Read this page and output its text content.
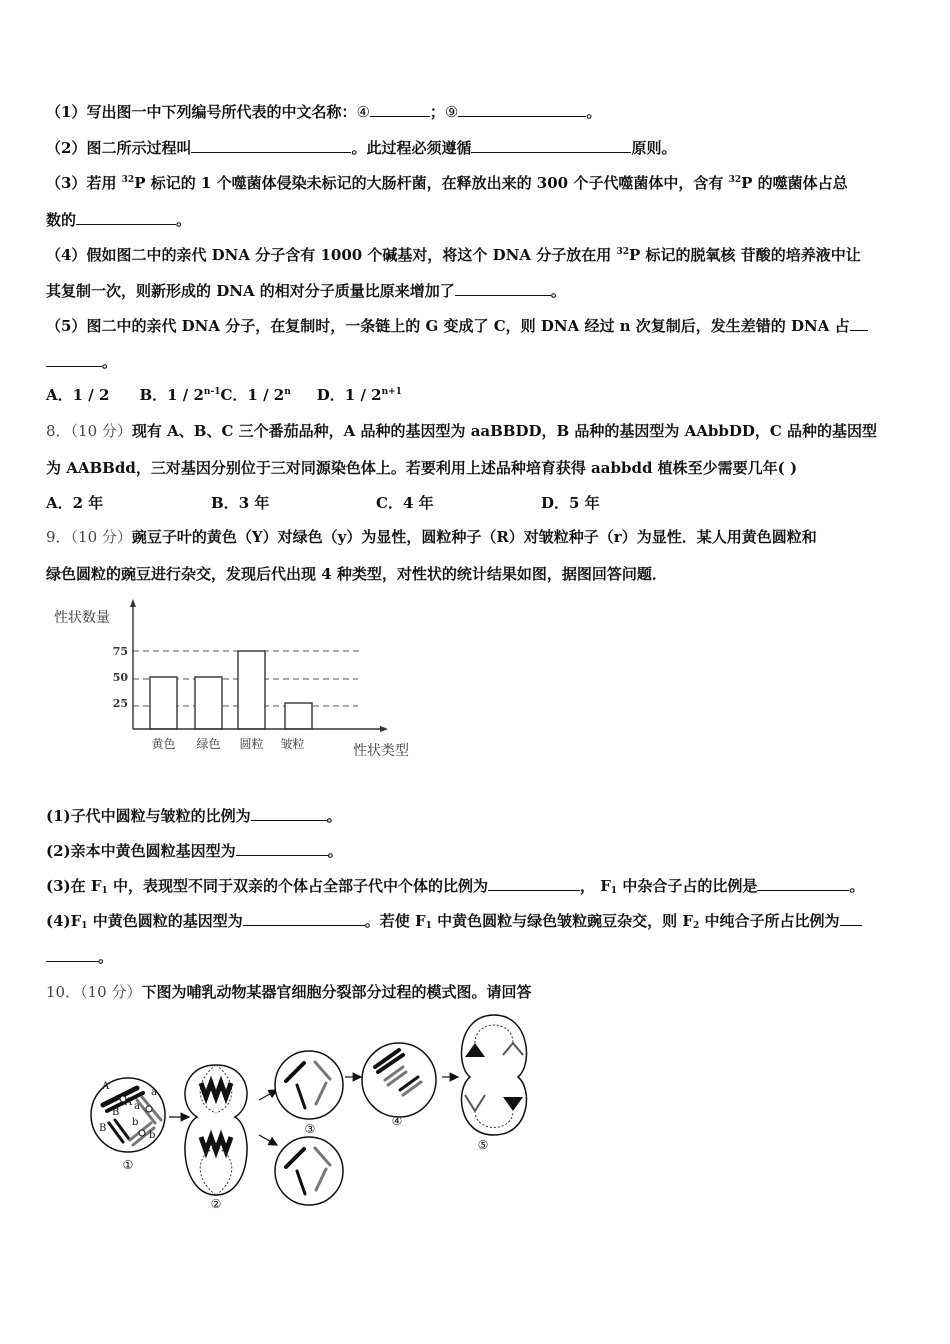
（1）写出图一中下列编号所代表的中文名称：④	；⑨	。
（2）图二所示过程叫	。此过程必须遵循	原则。
（3）若用 $^{32}$P 标记的 1 个噬菌体侵染未标记的大肠杆菌，在释放出来的 300 个子代噬菌体中，含有 $^{32}$P 的噬菌体占总
数的	。
（4）假如图二中的亲代 DNA 分子含有 1000 个碱基对，将这个 DNA 分子放在用 $^{32}$P 标记的脱氧核 苷酸的培养液中让
其复制一次，则新形成的 DNA 的相对分子质量比原来增加了	。
（5）图二中的亲代 DNA 分子，在复制时，一条链上的 G 变成了 C，则 DNA 经过 n 次复制后，发生差错的 DNA 占
。
A．1 / 2 B．1 / 2$^{n-1}$C．1 / 2$^n$ D．$1 / 2^{n+1}$
8．（10 分）现有 A、B、C 三个番茄品种，A 品种的基因型为 aaBBDD，B 品种的基因型为 AAbbDD，C 品种的基因型
为 AABBdd，三对基因分别位于三对同源染色体上。若要利用上述品种培育获得 aabbdd 植株至少需要几年( )
A．2 年	B．3 年	C．4 年	D．5 年
9．（10 分）豌豆子叶的黄色（Y）对绿色（y）为显性，圆粒种子（R）对皱粒种子（r）为显性．某人用黄色圆粒和
绿色圆粒的豌豆进行杂交，发现后代出现 4 种类型，对性状的统计结果如图，据图回答问题．
25
50
75
黄色 绿色 圆粒 皱粒
性状数量
性状类型
(1)子代中圆粒与皱粒的比例为	。
(2)亲本中黄色圆粒基因型为	。
(3)在 $F_1$ 中，表现型不同于双亲的个体占全部子代中个体的比例为	， $F_1$ 中杂合子占的比例是	。
$(4)F_1$ 中黄色圆粒的基因型为	。若使 $F_1$ 中黄色圆粒与绿色皱粒豌豆杂交，则 $F_2$ 中纯合子所占比例为
。
10．（10 分）下图为哺乳动物某器官细胞分裂部分过程的模式图。请回答
A
A
a
a
B
B
b
b
①
②
③
④
⑤
